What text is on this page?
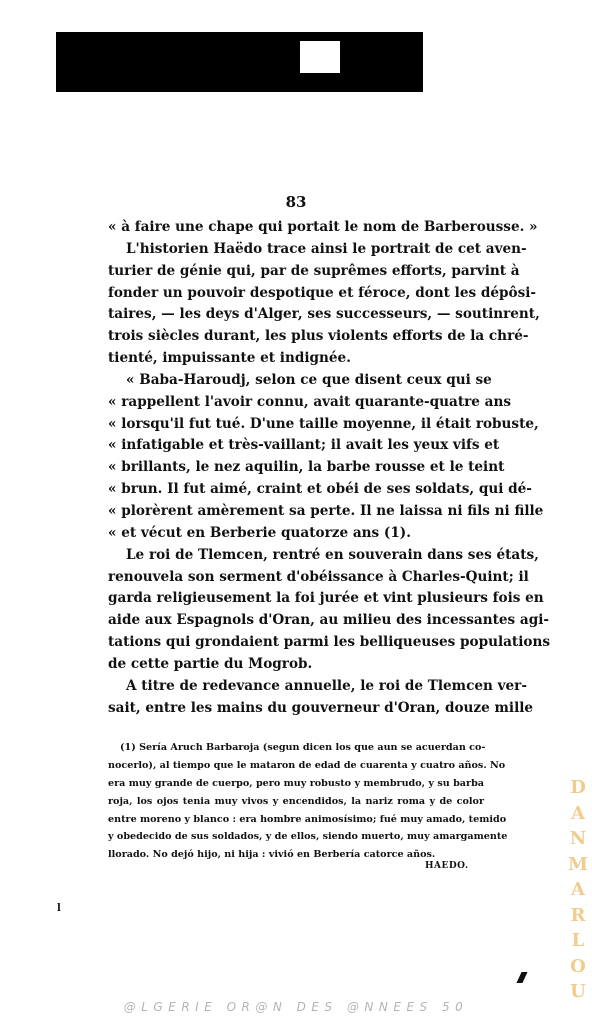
83
« à faire une chape qui portait le nom de Barberousse. »
L'historien Haëdo trace ainsi le portrait de cet aven-
turier de génie qui, par de suprêmes efforts, parvint à
fonder un pouvoir despotique et féroce, dont les dépôsi-
taires, — les deys d'Alger, ses successeurs, — soutinrent,
trois siècles durant, les plus violents efforts de la chré-
tienté, impuissante et indignée.
« Baba-Haroudj, selon ce que disent ceux qui se
« rappellent l'avoir connu, avait quarante-quatre ans
« lorsqu'il fut tué. D'une taille moyenne, il était robuste,
« infatigable et très-vaillant; il avait les yeux vifs et
« brillants, le nez aquilin, la barbe rousse et le teint
« brun. Il fut aimé, craint et obéi de ses soldats, qui dé-
« plorèrent amèrement sa perte. Il ne laissa ni fils ni fille
« et vécut en Berberie quatorze ans (1).
Le roi de Tlemcen, rentré en souverain dans ses états,
renouvela son serment d'obéissance à Charles-Quint; il
garda religieusement la foi jurée et vint plusieurs fois en
aide aux Espagnols d'Oran, au milieu des incessantes agi-
tations qui grondaient parmi les belliqueuses populations
de cette partie du Mogrob.
A titre de redevance annuelle, le roi de Tlemcen ver-
sait, entre les mains du gouverneur d'Oran, douze mille
(1) Sería Aruch Barbaroja (segun dicen los que aun se acuerdan co-
nocerlo), al tiempo que le mataron de edad de cuarenta y cuatro años. No
era muy grande de cuerpo, pero muy robusto y membrudo, y su barba
roja, los ojos tenia muy vivos y encendidos, la nariz roma y de color
entre moreno y blanco : era hombre animosísimo; fué muy amado, temido
y obedecido de sus soldados, y de ellos, siendo muerto, muy amargamente
llorado. No dejó hijo, ni hija : vivió en Berbería catorce años.
HAEDO.
D
A
N
M
A
R
L
O
U
@LGERIE OR@N DES @NNEES 50
l
